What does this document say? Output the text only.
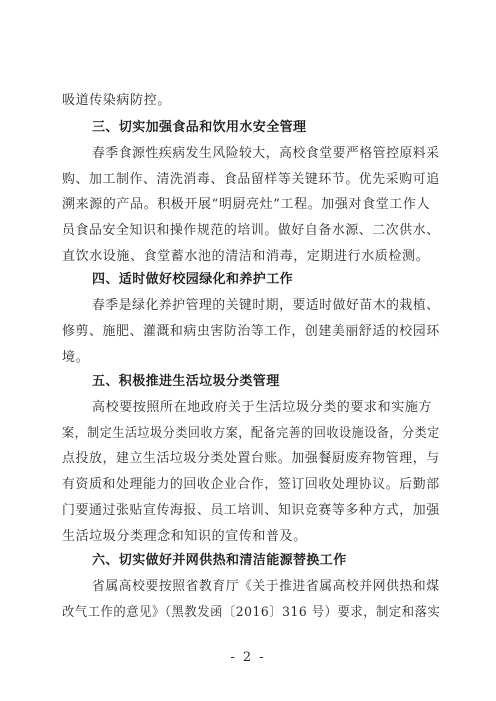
吸道传染病防控。
三、切实加强食品和饮用水安全管理
春季食源性疾病发生风险较大，高校食堂要严格管控原料采
购、加工制作、清洗消毒、食品留样等关键环节。优先采购可追
溯来源的产品。积极开展“明厨亮灶”工程。加强对食堂工作人
员食品安全知识和操作规范的培训。做好自备水源、二次供水、
直饮水设施、食堂蓄水池的清洁和消毒，定期进行水质检测。
四、适时做好校园绿化和养护工作
春季是绿化养护管理的关键时期，要适时做好苗木的栽植、
修剪、施肥、灌溉和病虫害防治等工作，创建美丽舒适的校园环
境。
五、积极推进生活垃圾分类管理
高校要按照所在地政府关于生活垃圾分类的要求和实施方
案，制定生活垃圾分类回收方案，配备完善的回收设施设备，分类定
点投放，建立生活垃圾分类处置台账。加强餐厨废弃物管理，与
有资质和处理能力的回收企业合作，签订回收处理协议。后勤部
门要通过张贴宣传海报、员工培训、知识竞赛等多种方式，加强
生活垃圾分类理念和知识的宣传和普及。
六、切实做好并网供热和清洁能源替换工作
省属高校要按照省教育厅《关于推进省属高校并网供热和煤
改气工作的意见》（黑教发函〔2016〕316 号）要求，制定和落实
- 2 -
